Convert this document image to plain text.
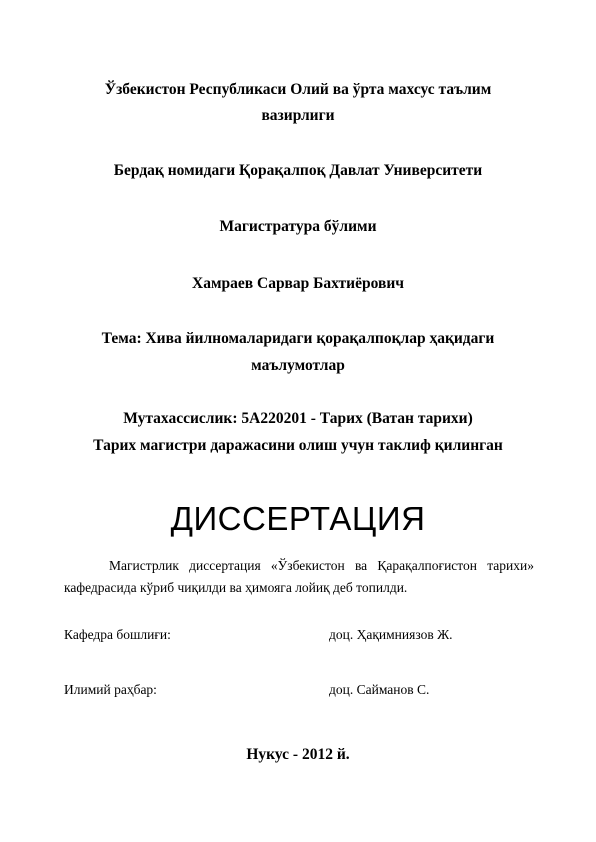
Ўзбекистон Республикаси Олий ва ўрта махсус таълим
вазирлиги
Бердақ номидаги Қорақалпоқ Давлат Университети
Магистратура бўлими
Хамраев Сарвар Бахтиёрович
Тема: Хива йилномаларидаги қорақалпоқлар ҳақидаги
маълумотлар
Мутахассислик: 5A220201 - Тарих (Ватан тарихи)
Тарих магистри даражасини олиш учун таклиф қилинган
ДИССЕРТАЦИЯ
Магистрлик диссертация «Ўзбекистон ва Қарақалпоғистон тарихи»
кафедрасида кўриб чиқилди ва ҳимояга лойиқ деб топилди.
Кафедра бошлиғи:	доц. Ҳақимниязов Ж.
Илимий раҳбар:	доц. Сайманов С.
Нукус - 2012 й.
